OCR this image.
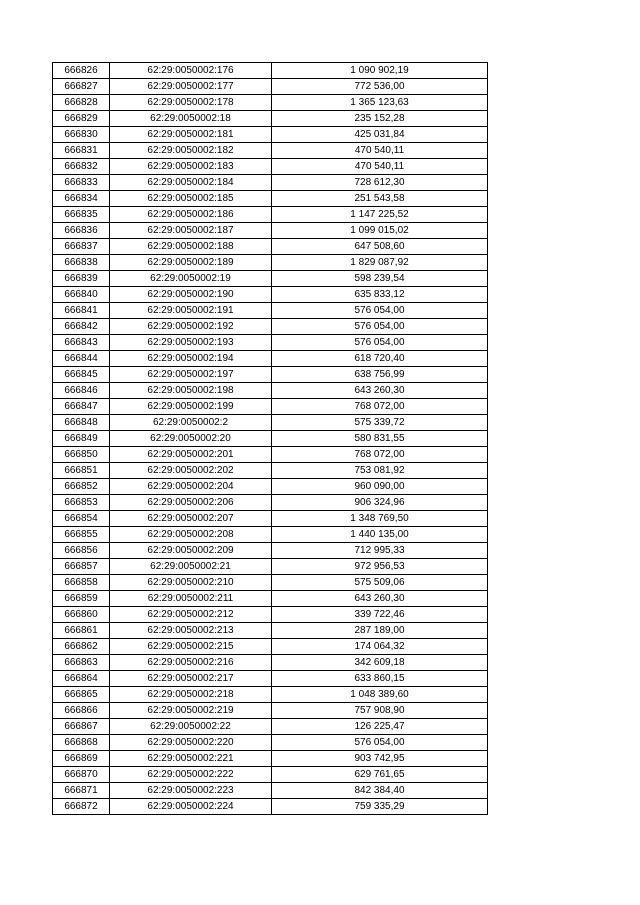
666826	62:29:0050002:176	1 090 902,19
666827	62:29:0050002:177	772 536,00
666828	62:29:0050002:178	1 365 123,63
666829	62:29:0050002:18	235 152,28
666830	62:29:0050002:181	425 031,84
666831	62:29:0050002:182	470 540,11
666832	62:29:0050002:183	470 540,11
666833	62:29:0050002:184	728 612,30
666834	62:29:0050002:185	251 543,58
666835	62:29:0050002:186	1 147 225,52
666836	62:29:0050002:187	1 099 015,02
666837	62:29:0050002:188	647 508,60
666838	62:29:0050002:189	1 829 087,92
666839	62:29:0050002:19	598 239,54
666840	62:29:0050002:190	635 833,12
666841	62:29:0050002:191	576 054,00
666842	62:29:0050002:192	576 054,00
666843	62:29:0050002:193	576 054,00
666844	62:29:0050002:194	618 720,40
666845	62:29:0050002:197	638 756,99
666846	62:29:0050002:198	643 260,30
666847	62:29:0050002:199	768 072,00
666848	62:29:0050002:2	575 339,72
666849	62:29:0050002:20	580 831,55
666850	62:29:0050002:201	768 072,00
666851	62:29:0050002:202	753 081,92
666852	62:29:0050002:204	960 090,00
666853	62:29:0050002:206	906 324,96
666854	62:29:0050002:207	1 348 769,50
666855	62:29:0050002:208	1 440 135,00
666856	62:29:0050002:209	712 995,33
666857	62:29:0050002:21	972 956,53
666858	62:29:0050002:210	575 509,06
666859	62:29:0050002:211	643 260,30
666860	62:29:0050002:212	339 722,46
666861	62:29:0050002:213	287 189,00
666862	62:29:0050002:215	174 064,32
666863	62:29:0050002:216	342 609,18
666864	62:29:0050002:217	633 860,15
666865	62:29:0050002:218	1 048 389,60
666866	62:29:0050002:219	757 908,90
666867	62:29:0050002:22	126 225,47
666868	62:29:0050002:220	576 054,00
666869	62:29:0050002:221	903 742,95
666870	62:29:0050002:222	629 761,65
666871	62:29:0050002:223	842 384,40
666872	62:29:0050002:224	759 335,29
